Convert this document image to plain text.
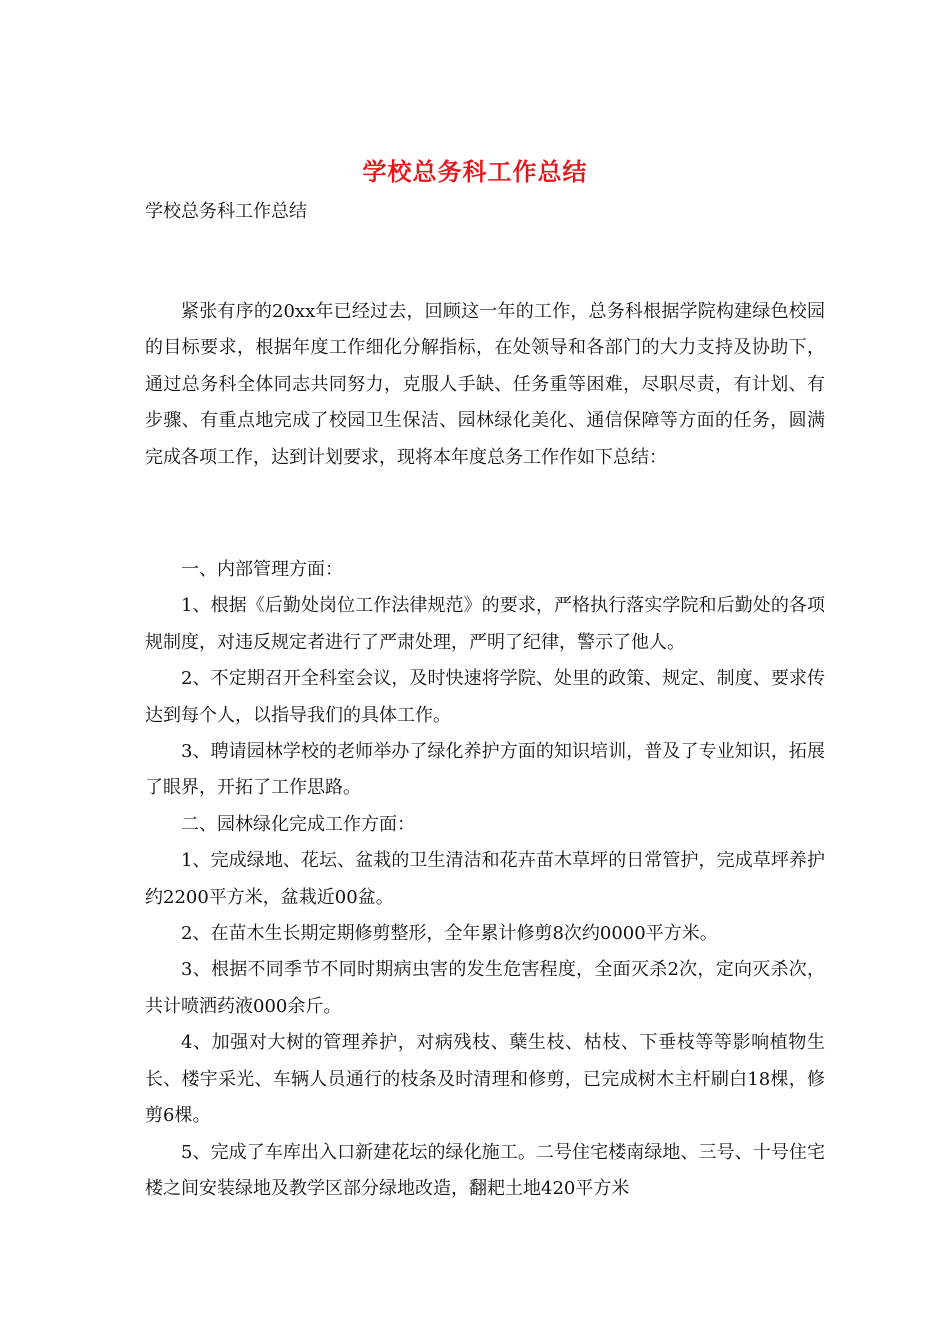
学校总务科工作总结
学校总务科工作总结

紧张有序的20xx年已经过去，回顾这一年的工作，总务科根据学院构建绿色校园的目标要求，根据年度工作细化分解指标，在处领导和各部门的大力支持及协助下，通过总务科全体同志共同努力，克服人手缺、任务重等困难，尽职尽责，有计划、有步骤、有重点地完成了校园卫生保洁、园林绿化美化、通信保障等方面的任务，圆满完成各项工作，达到计划要求，现将本年度总务工作作如下总结：

一、内部管理方面：

1、根据《后勤处岗位工作法律规范》的要求，严格执行落实学院和后勤处的各项规制度，对违反规定者进行了严肃处理，严明了纪律，警示了他人。

2、不定期召开全科室会议，及时快速将学院、处里的政策、规定、制度、要求传达到每个人，以指导我们的具体工作。

3、聘请园林学校的老师举办了绿化养护方面的知识培训，普及了专业知识，拓展了眼界，开拓了工作思路。

二、园林绿化完成工作方面：

1、完成绿地、花坛、盆栽的卫生清洁和花卉苗木草坪的日常管护，完成草坪养护约2200平方米，盆栽近00盆。

2、在苗木生长期定期修剪整形，全年累计修剪8次约0000平方米。

3、根据不同季节不同时期病虫害的发生危害程度，全面灭杀2次，定向灭杀次，共计喷洒药液000余斤。

4、加强对大树的管理养护，对病残枝、蘖生枝、枯枝、下垂枝等等影响植物生长、楼宇采光、车辆人员通行的枝条及时清理和修剪，已完成树木主杆刷白18棵，修剪6棵。

5、完成了车库出入口新建花坛的绿化施工。二号住宅楼南绿地、三号、十号住宅楼之间安装绿地及教学区部分绿地改造，翻耙土地420平方米
